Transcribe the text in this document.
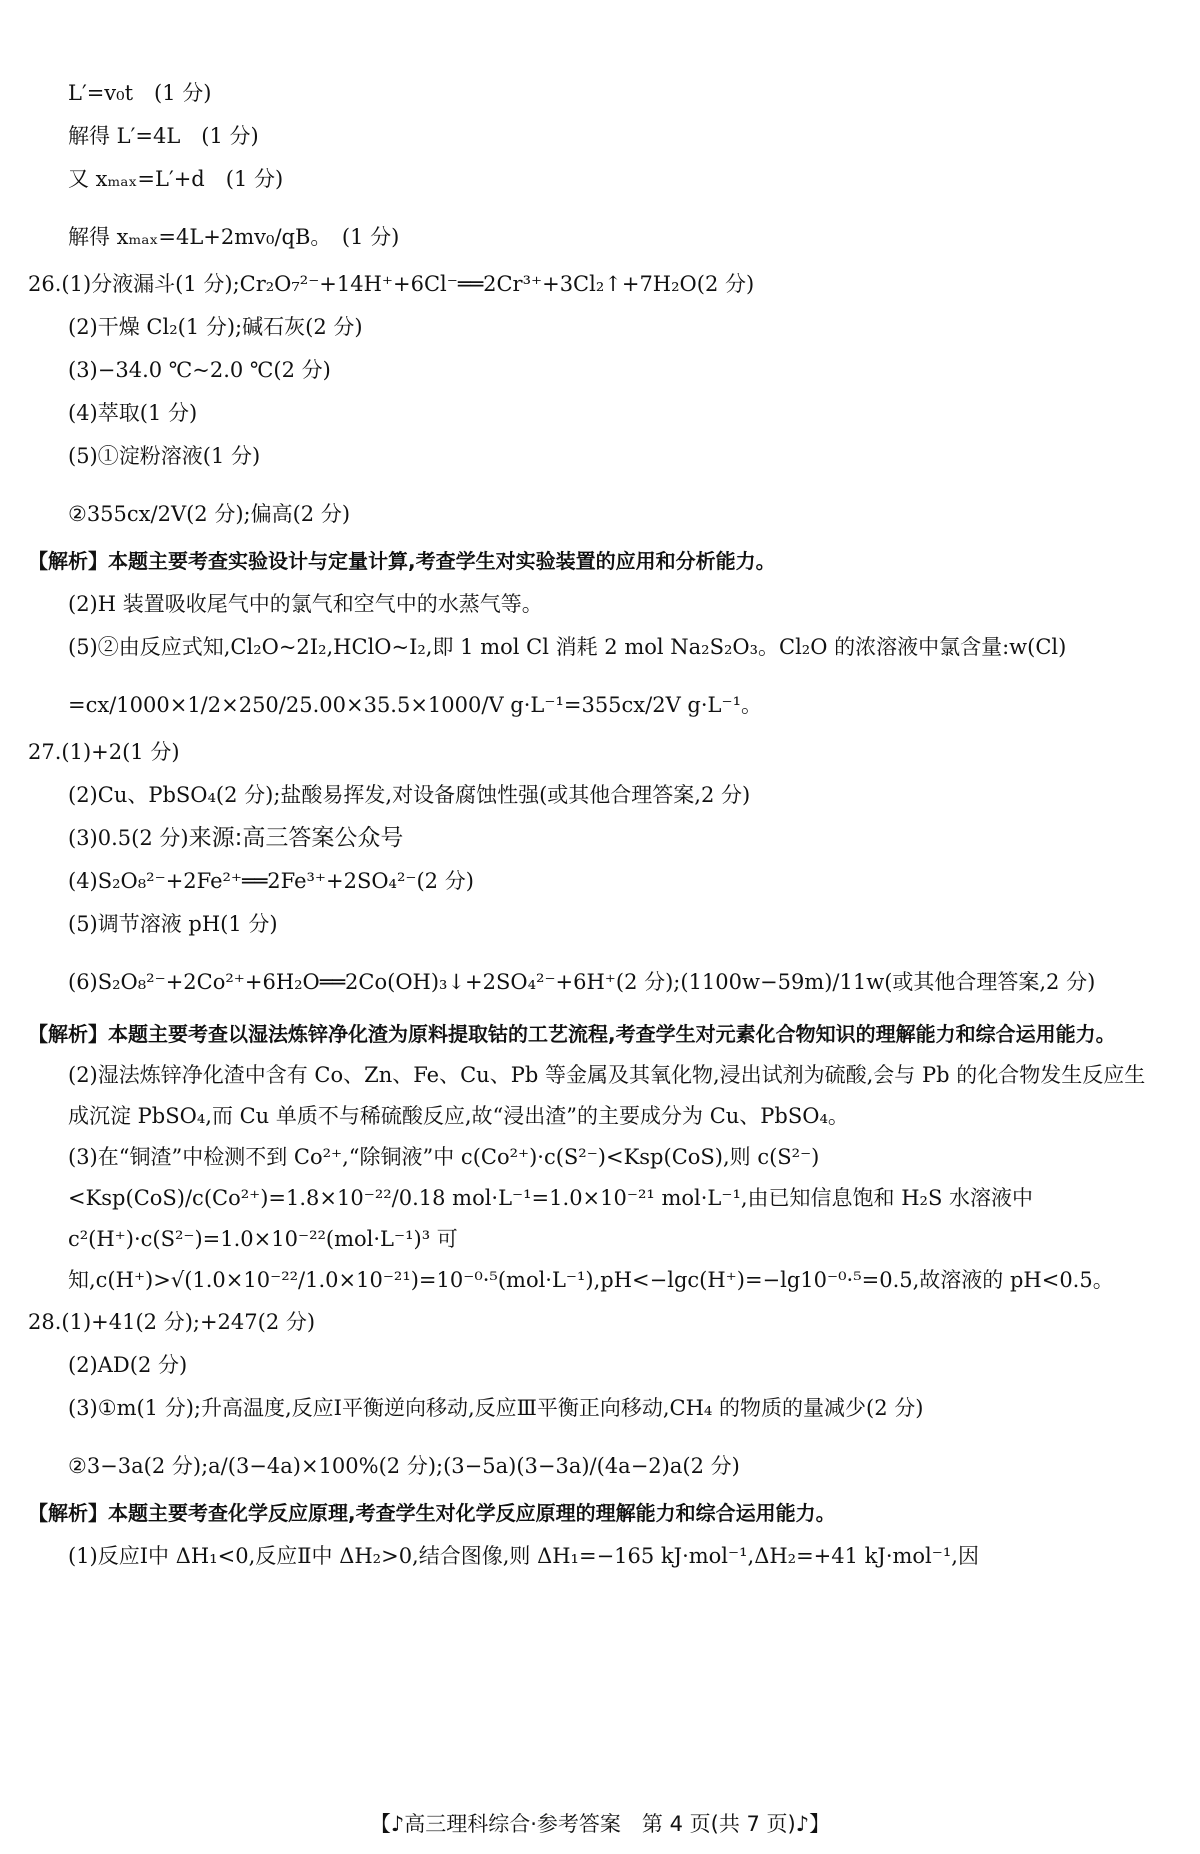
L′=v₀t　(1 分)
解得 L′=4L　(1 分)
又 xₘₐₓ=L′+d　(1 分)
解得 xₘₐₓ=4L+2mv₀/qB。　(1 分)
26.(1)分液漏斗(1 分);Cr₂O₇²⁻+14H⁺+6Cl⁻══2Cr³⁺+3Cl₂↑+7H₂O(2 分)
(2)干燥 Cl₂(1 分);碱石灰(2 分)
(3)−34.0 ℃~2.0 ℃(2 分)
(4)萃取(1 分)
(5)①淀粉溶液(1 分)
②355cx/2V(2 分);偏高(2 分)
【解析】本题主要考查实验设计与定量计算,考查学生对实验装置的应用和分析能力。
(2)H 装置吸收尾气中的氯气和空气中的水蒸气等。
(5)②由反应式知,Cl₂O~2I₂,HClO~I₂,即 1 mol Cl 消耗 2 mol Na₂S₂O₃。Cl₂O 的浓溶液中氯含量:w(Cl)
=cx/1000×1/2×250/25.00×35.5×1000/V g·L⁻¹=355cx/2V g·L⁻¹。
27.(1)+2(1 分)
(2)Cu、PbSO₄(2 分);盐酸易挥发,对设备腐蚀性强(或其他合理答案,2 分)
(3)0.5(2 分)来源:高三答案公众号
(4)S₂O₈²⁻+2Fe²⁺══2Fe³⁺+2SO₄²⁻(2 分)
(5)调节溶液 pH(1 分)
(6)S₂O₈²⁻+2Co²⁺+6H₂O══2Co(OH)₃↓+2SO₄²⁻+6H⁺(2 分);(1100w−59m)/11w(或其他合理答案,2 分)
【解析】本题主要考查以湿法炼锌净化渣为原料提取钴的工艺流程,考查学生对元素化合物知识的理解能力和综合运用能力。
(2)湿法炼锌净化渣中含有 Co、Zn、Fe、Cu、Pb 等金属及其氧化物,浸出试剂为硫酸,会与 Pb 的化合物发生反应生成沉淀 PbSO₄,而 Cu 单质不与稀硫酸反应,故“浸出渣”的主要成分为 Cu、PbSO₄。
(3)在“铜渣”中检测不到 Co²⁺,“除铜液”中 c(Co²⁺)·c(S²⁻)<Ksp(CoS),则 c(S²⁻)<Ksp(CoS)/c(Co²⁺)=1.8×10⁻²²/0.18 mol·L⁻¹=1.0×10⁻²¹ mol·L⁻¹,由已知信息饱和 H₂S 水溶液中 c²(H⁺)·c(S²⁻)=1.0×10⁻²²(mol·L⁻¹)³ 可知,c(H⁺)>√(1.0×10⁻²²/1.0×10⁻²¹)=10⁻⁰·⁵(mol·L⁻¹),pH<−lgc(H⁺)=−lg10⁻⁰·⁵=0.5,故溶液的 pH<0.5。
28.(1)+41(2 分);+247(2 分)
(2)AD(2 分)
(3)①m(1 分);升高温度,反应Ⅰ平衡逆向移动,反应Ⅲ平衡正向移动,CH₄ 的物质的量减少(2 分)
②3−3a(2 分);a/(3−4a)×100%(2 分);(3−5a)(3−3a)/(4a−2)a(2 分)
【解析】本题主要考查化学反应原理,考查学生对化学反应原理的理解能力和综合运用能力。
(1)反应Ⅰ中 ΔH₁<0,反应Ⅱ中 ΔH₂>0,结合图像,则 ΔH₁=−165 kJ·mol⁻¹,ΔH₂=+41 kJ·mol⁻¹,因
【♪高三理科综合·参考答案　第 4 页(共 7 页)♪】
